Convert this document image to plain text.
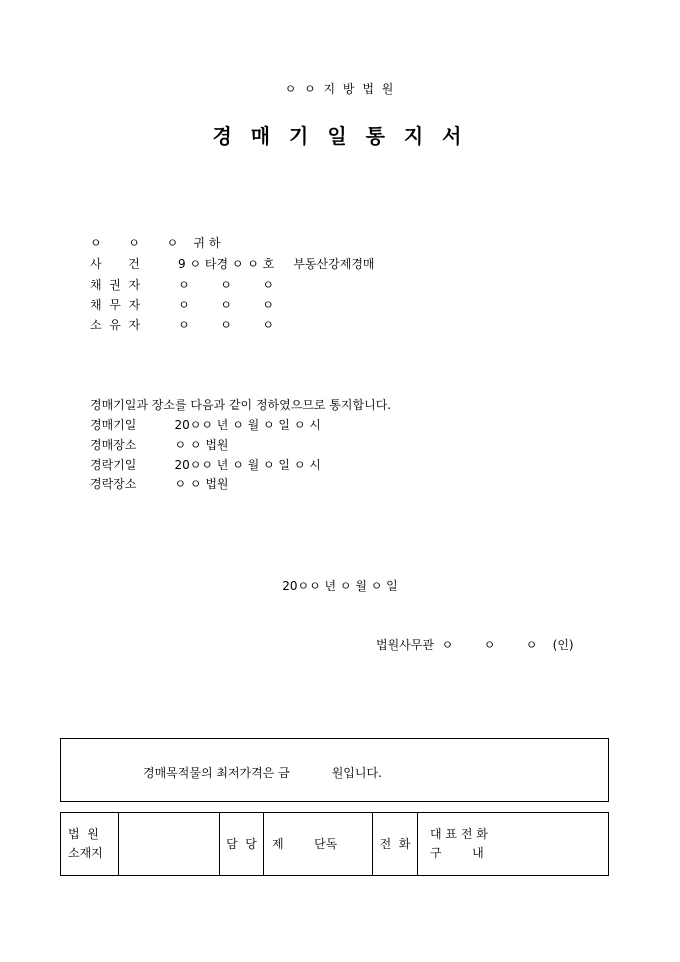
ㅇ ㅇ 지 방 법 원
경 매 기 일 통 지 서
ㅇ       ㅇ       ㅇ    귀 하
사       건          9 ㅇ 타경 ㅇ ㅇ 호     부동산강제경매
채  권  자          ㅇ        ㅇ        ㅇ
채  무  자          ㅇ        ㅇ        ㅇ
소  유  자          ㅇ        ㅇ        ㅇ
경매기일과 장소를 다음과 같이 정하였으므로 통지합니다.
경매기일          20ㅇㅇ 년 ㅇ 월 ㅇ 일 ㅇ 시
경매장소          ㅇ ㅇ 법원
경락기일          20ㅇㅇ 년 ㅇ 월 ㅇ 일 ㅇ 시
경락장소          ㅇ ㅇ 법원
20ㅇㅇ 년 ㅇ 월 ㅇ 일
법원사무관  ㅇ        ㅇ        ㅇ    (인)
경매목적물의 최저가격은 금           원입니다.
법  원
소재지
담  당	제        단독	전  화
대 표 전 화
구        내
